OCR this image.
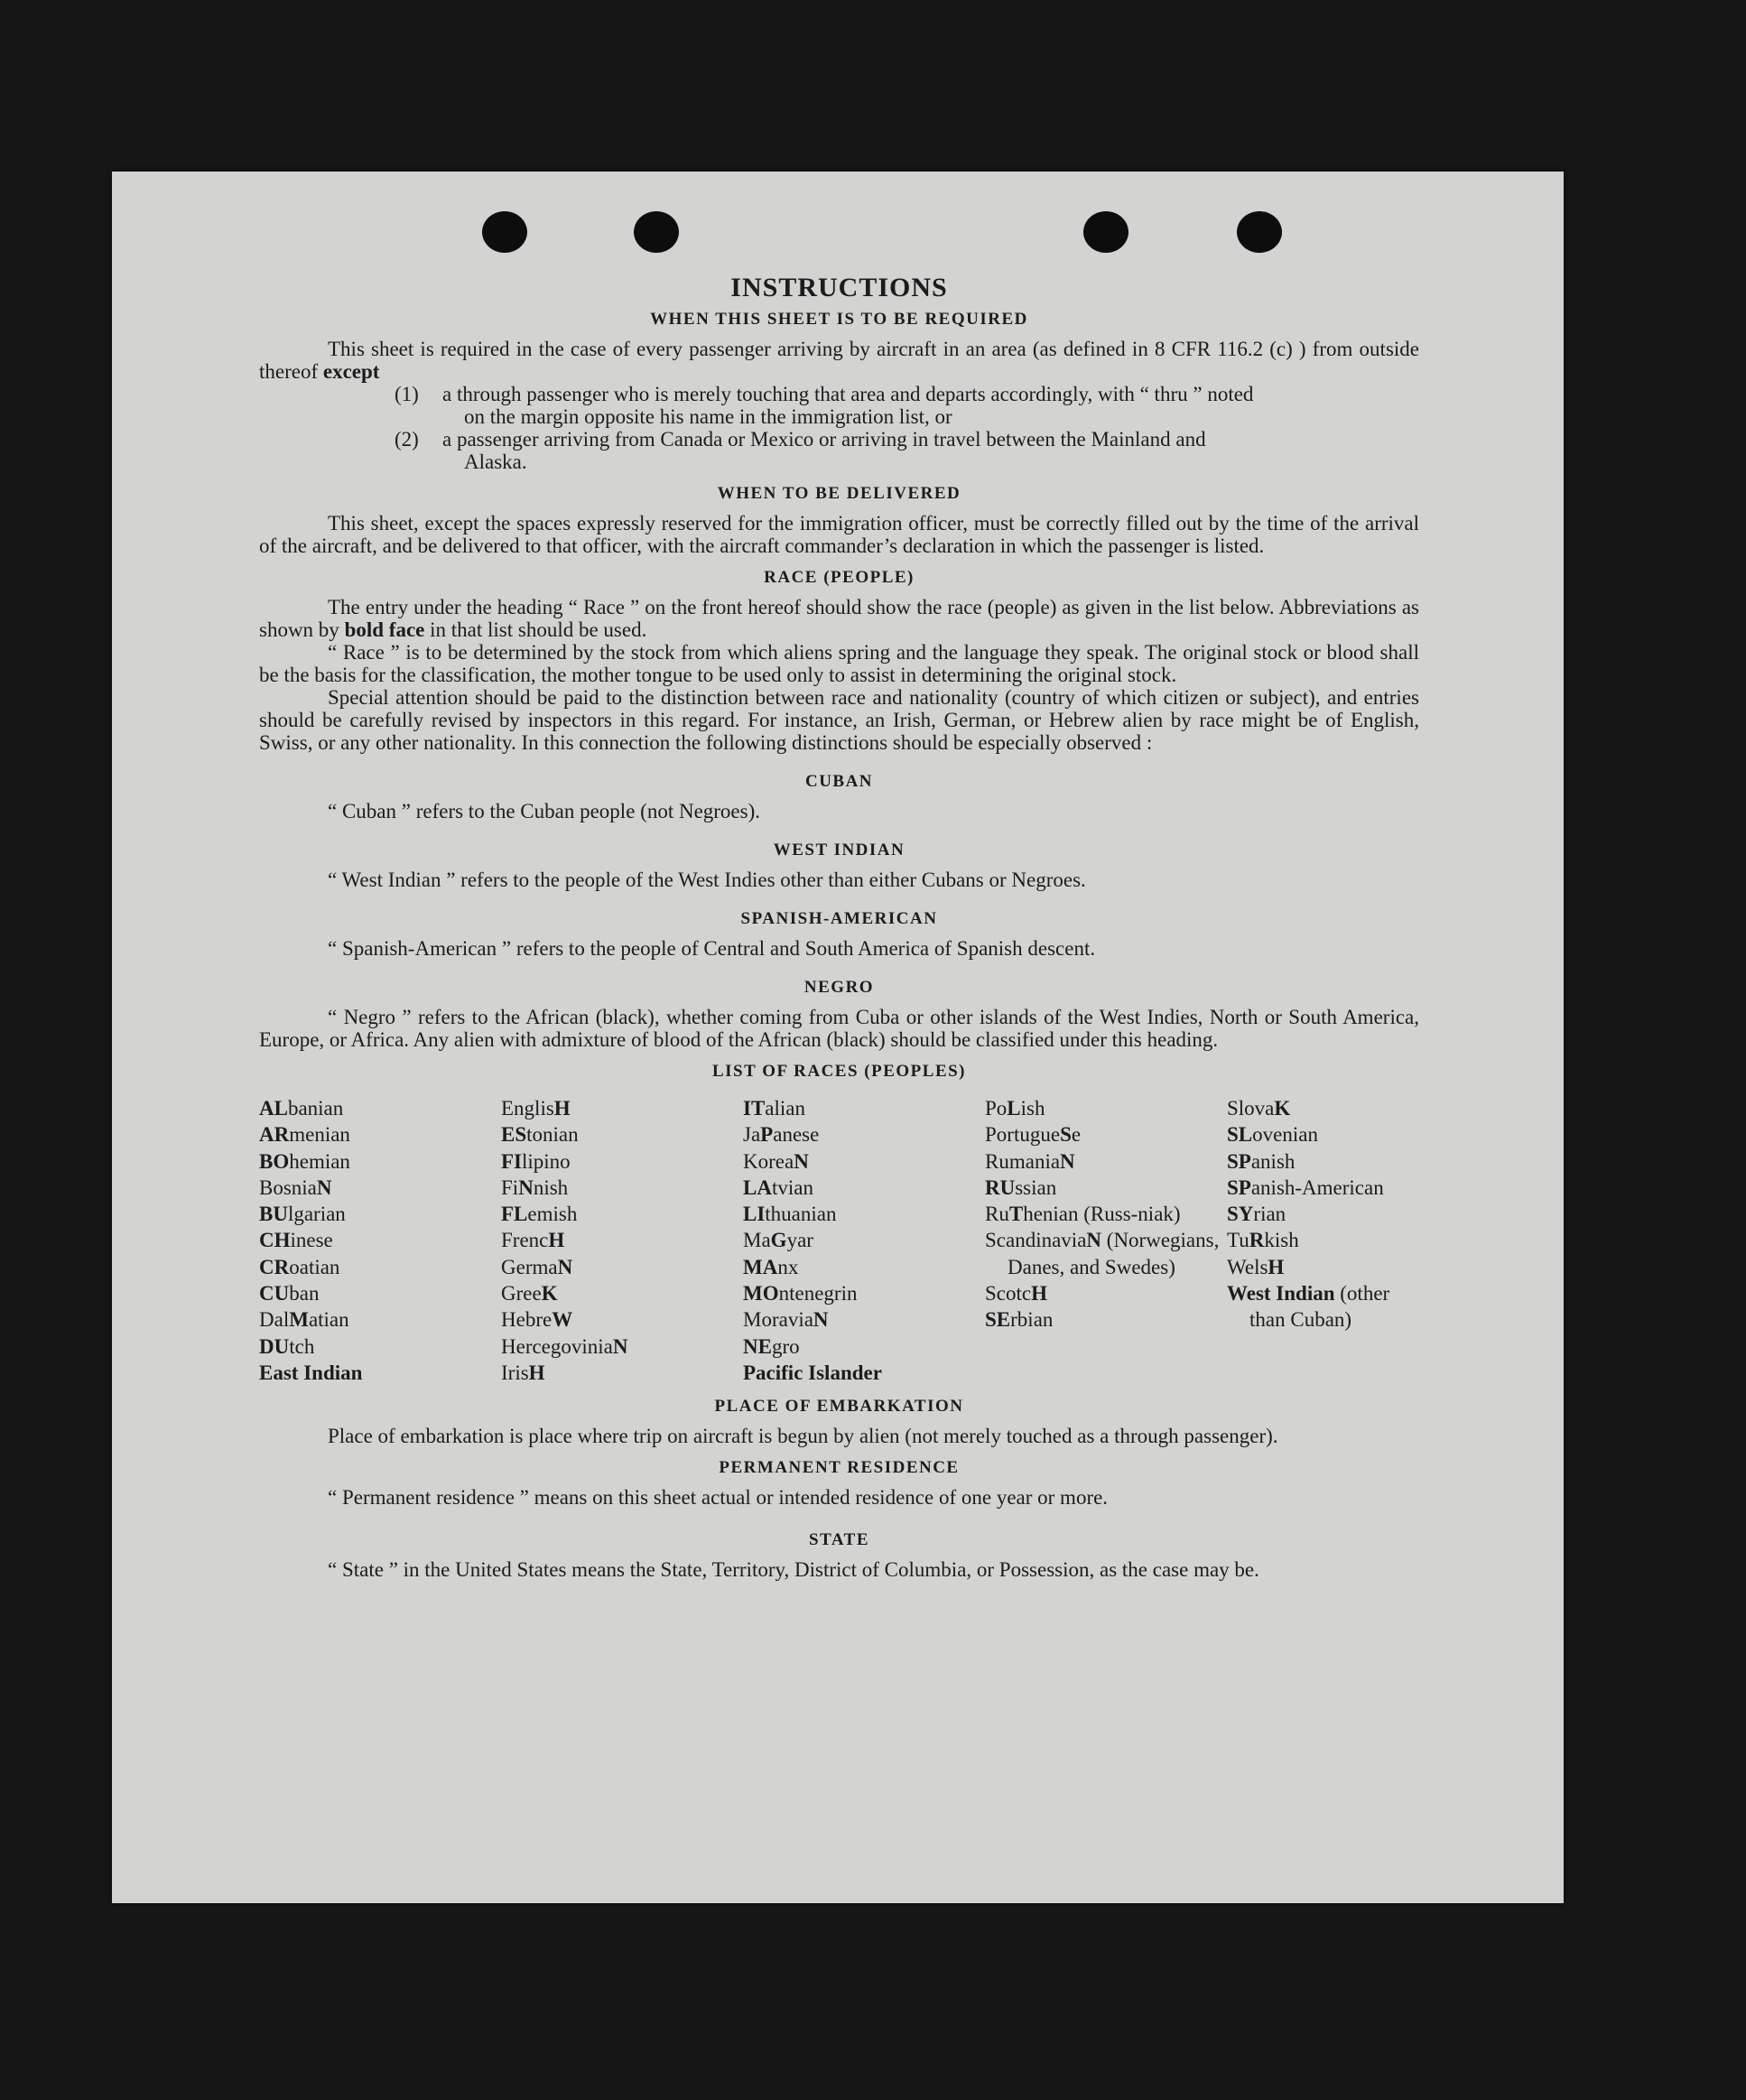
INSTRUCTIONS
WHEN THIS SHEET IS TO BE REQUIRED

This sheet is required in the case of every passenger arriving by aircraft in an area (as defined in 8 CFR 116.2 (c) ) from outside thereof except

(1)	a through passenger who is merely touching that area and departs accordingly, with “ thru ” noted
on the margin opposite his name in the immigration list, or
(2)	a passenger arriving from Canada or Mexico or arriving in travel between the Mainland and
Alaska.
WHEN TO BE DELIVERED

This sheet, except the spaces expressly reserved for the immigration officer, must be correctly filled out by the time of the arrival of the aircraft, and be delivered to that officer, with the aircraft commander’s declaration in which the passenger is listed.

RACE (PEOPLE)

The entry under the heading “ Race ” on the front hereof should show the race (people) as given in the list below. Abbreviations as shown by bold face in that list should be used.

“ Race ” is to be determined by the stock from which aliens spring and the language they speak. The original stock or blood shall be the basis for the classification, the mother tongue to be used only to assist in determining the original stock.

Special attention should be paid to the distinction between race and nationality (country of which citizen or subject), and entries should be carefully revised by inspectors in this regard. For instance, an Irish, German, or Hebrew alien by race might be of English, Swiss, or any other nationality. In this connection the following distinctions should be especially observed :

CUBAN

“ Cuban ” refers to the Cuban people (not Negroes).

WEST INDIAN

“ West Indian ” refers to the people of the West Indies other than either Cubans or Negroes.

SPANISH-AMERICAN

“ Spanish-American ” refers to the people of Central and South America of Spanish descent.

NEGRO

“ Negro ” refers to the African (black), whether coming from Cuba or other islands of the West Indies, North or South America, Europe, or Africa. Any alien with admixture of blood of the African (black) should be classified under this heading.

LIST OF RACES (PEOPLES)
ALbanian
ARmenian
BOhemian
BosniaN
BUlgarian
CHinese
CRoatian
CUban
DalMatian
DUtch
East Indian
EnglisH
EStonian
FIlipino
FiNnish
FLemish
FrencH
GermaN
GreeK
HebreW
HercegoviniaN
IrisH
ITalian
JaPanese
KoreaN
LAtvian
LIthuanian
MaGyar
MAnx
MOntenegrin
MoraviaN
NEgro
Pacific Islander
PoLish
PortugueSe
RumaniaN
RUssian
RuThenian (Russ-niak)
ScandinaviaN (Norwegians, Danes, and Swedes)
ScotcH
SErbian
SlovaK
SLovenian
SPanish
SPanish-American
SYrian
TuRkish
WelsH
West Indian (other than Cuban)
PLACE OF EMBARKATION

Place of embarkation is place where trip on aircraft is begun by alien (not merely touched as a through passenger).

PERMANENT RESIDENCE

“ Permanent residence ” means on this sheet actual or intended residence of one year or more.

STATE

“ State ” in the United States means the State, Territory, District of Columbia, or Possession, as the case may be.
